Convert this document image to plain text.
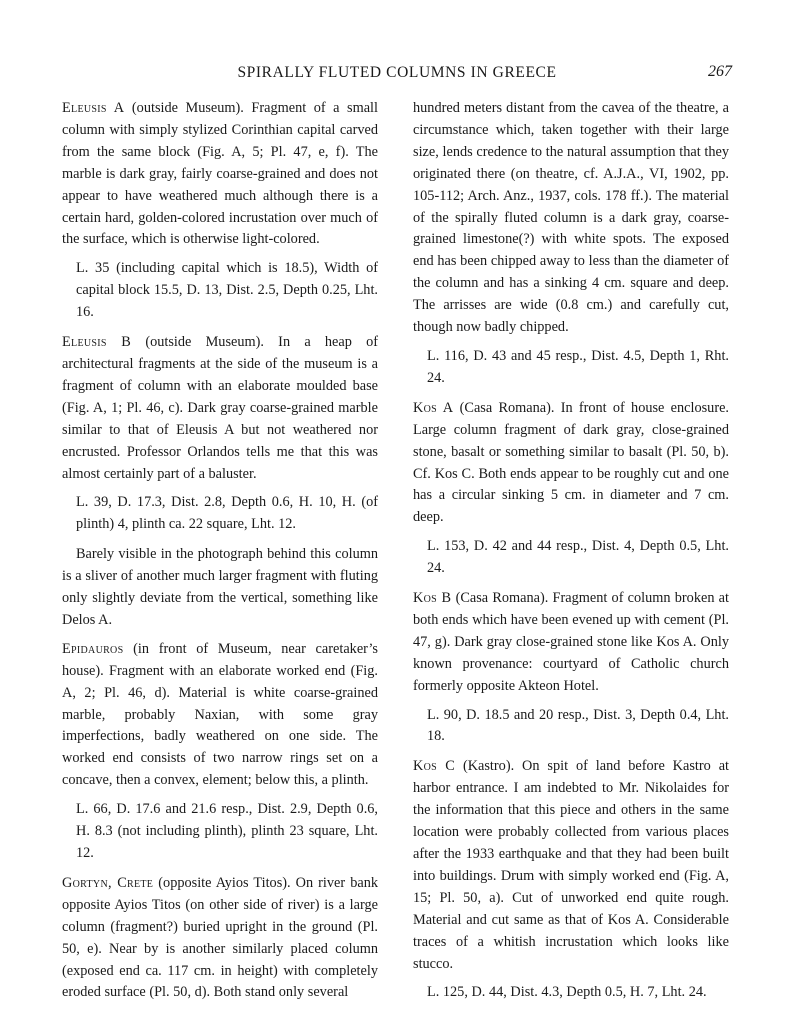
SPIRALLY FLUTED COLUMNS IN GREECE	267

Eleusis A (outside Museum). Fragment of a small column with simply stylized Corinthian capital carved from the same block (Fig. A, 5; Pl. 47, e, f). The marble is dark gray, fairly coarse-grained and does not appear to have weathered much although there is a certain hard, golden-colored incrustation over much of the surface, which is otherwise light-colored.

L. 35 (including capital which is 18.5), Width of capital block 15.5, D. 13, Dist. 2.5, Depth 0.25, Lht. 16.

Eleusis B (outside Museum). In a heap of architectural fragments at the side of the museum is a fragment of column with an elaborate moulded base (Fig. A, 1; Pl. 46, c). Dark gray coarse-grained marble similar to that of Eleusis A but not weathered nor encrusted. Professor Orlandos tells me that this was almost certainly part of a baluster.

L. 39, D. 17.3, Dist. 2.8, Depth 0.6, H. 10, H. (of plinth) 4, plinth ca. 22 square, Lht. 12.

Barely visible in the photograph behind this column is a sliver of another much larger fragment with fluting only slightly deviate from the vertical, something like Delos A.

Epidauros (in front of Museum, near caretaker’s house). Fragment with an elaborate worked end (Fig. A, 2; Pl. 46, d). Material is white coarse-grained marble, probably Naxian, with some gray imperfections, badly weathered on one side. The worked end consists of two narrow rings set on a concave, then a convex, element; below this, a plinth.

L. 66, D. 17.6 and 21.6 resp., Dist. 2.9, Depth 0.6, H. 8.3 (not including plinth), plinth 23 square, Lht. 12.

Gortyn, Crete (opposite Ayios Titos). On river bank opposite Ayios Titos (on other side of river) is a large column (fragment?) buried upright in the ground (Pl. 50, e). Near by is another similarly placed column (exposed end ca. 117 cm. in height) with completely eroded surface (Pl. 50, d). Both stand only several

hundred meters distant from the cavea of the theatre, a circumstance which, taken together with their large size, lends credence to the natural assumption that they originated there (on theatre, cf. A.J.A., VI, 1902, pp. 105-112; Arch. Anz., 1937, cols. 178 ff.). The material of the spirally fluted column is a dark gray, coarse-grained limestone(?) with white spots. The exposed end has been chipped away to less than the diameter of the column and has a sinking 4 cm. square and deep. The arrisses are wide (0.8 cm.) and carefully cut, though now badly chipped.

L. 116, D. 43 and 45 resp., Dist. 4.5, Depth 1, Rht. 24.

Kos A (Casa Romana). In front of house enclosure. Large column fragment of dark gray, close-grained stone, basalt or something similar to basalt (Pl. 50, b). Cf. Kos C. Both ends appear to be roughly cut and one has a circular sinking 5 cm. in diameter and 7 cm. deep.

L. 153, D. 42 and 44 resp., Dist. 4, Depth 0.5, Lht. 24.

Kos B (Casa Romana). Fragment of column broken at both ends which have been evened up with cement (Pl. 47, g). Dark gray close-grained stone like Kos A. Only known provenance: courtyard of Catholic church formerly opposite Akteon Hotel.

L. 90, D. 18.5 and 20 resp., Dist. 3, Depth 0.4, Lht. 18.

Kos C (Kastro). On spit of land before Kastro at harbor entrance. I am indebted to Mr. Nikolaides for the information that this piece and others in the same location were probably collected from various places after the 1933 earthquake and that they had been built into buildings. Drum with simply worked end (Fig. A, 15; Pl. 50, a). Cut of unworked end quite rough. Material and cut same as that of Kos A. Considerable traces of a whitish incrustation which looks like stucco.

L. 125, D. 44, Dist. 4.3, Depth 0.5, H. 7, Lht. 24.
